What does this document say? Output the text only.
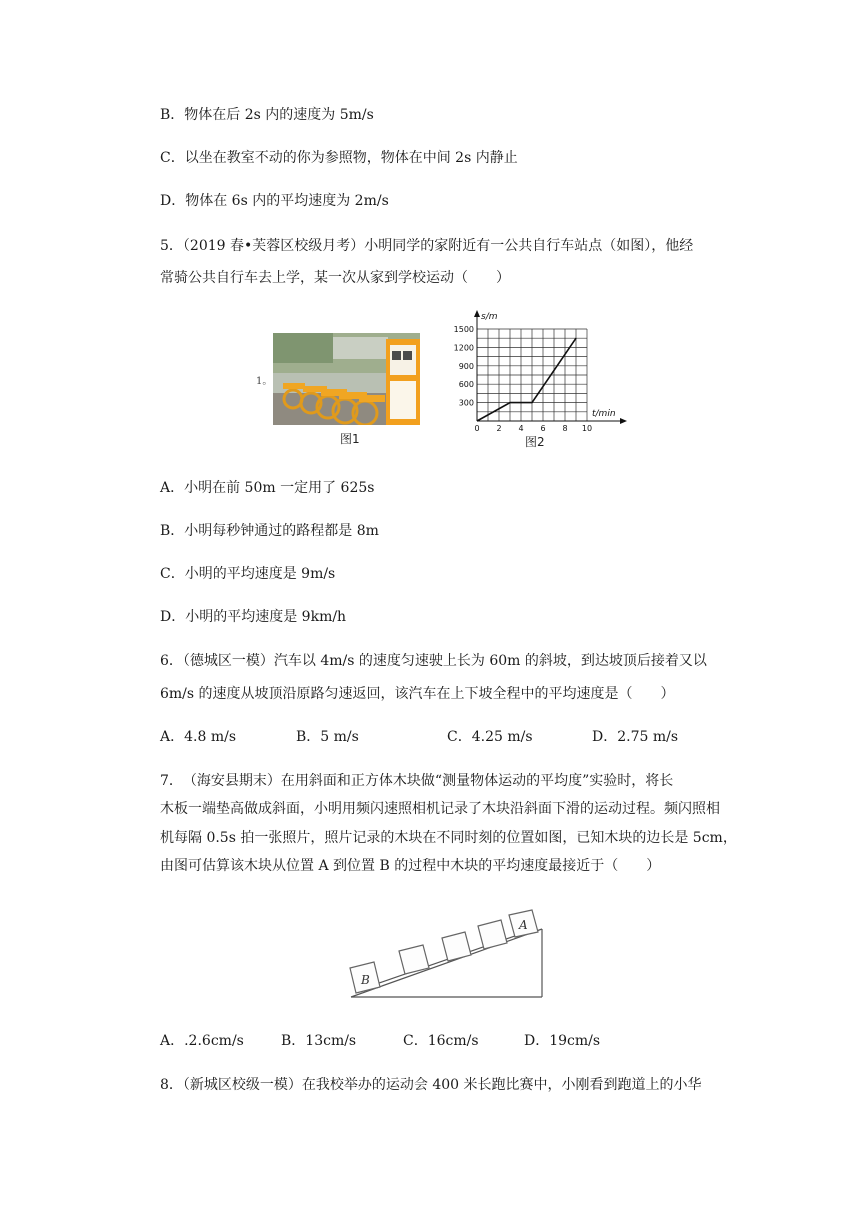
B．物体在后 2s 内的速度为 5m/s
C．以坐在教室不动的你为参照物，物体在中间 2s 内静止
D．物体在 6s 内的平均速度为 2m/s
5．（2019 春•芙蓉区校级月考）小明同学的家附近有一公共自行车站点（如图），他经
常骑公共自行车去上学，某一次从家到学校运动（　　）
1。
图1
s/m
t/min
300
600
900
1200
1500
0 2 4 6 8 10
图2
A．小明在前 50m 一定用了 625s
B．小明每秒钟通过的路程都是 8m
C．小明的平均速度是 9m/s
D．小明的平均速度是 9km/h
6．（德城区一模）汽车以 4m/s 的速度匀速驶上长为 60m 的斜坡，到达坡顶后接着又以
6m/s 的速度从坡顶沿原路匀速返回，该汽车在上下坡全程中的平均速度是（　　）
A．4.8 m/s	B．5 m/s	C．4.25 m/s	D．2.75 m/s
7．　（海安县期末）在用斜面和正方体木块做“测量物体运动的平均度”实验时，将长
木板一端垫高做成斜面，小明用频闪速照相机记录了木块沿斜面下滑的运动过程。频闪照相
机每隔 0.5s 拍一张照片，照片记录的木块在不同时刻的位置如图，已知木块的边长是 5cm，
由图可估算该木块从位置 A 到位置 B 的过程中木块的平均速度最接近于（　　）
B
A
A．.2.6cm/s	B．13cm/s	C．16cm/s	D．19cm/s
8．（新城区校级一模）在我校举办的运动会 400 米长跑比赛中，小刚看到跑道上的小华
